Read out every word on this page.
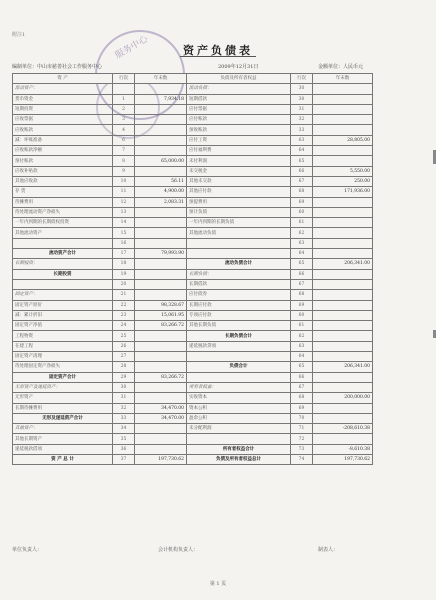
附注1	服务中心	资产负债表
编制单位：中山市慈善社会工作服务中心	2009年12月31日	金额单位：人民币元
资 产	行次	年末数	负债及所有者权益	行次	年末数
流动资产：			流动负债：	30	
货币资金	1	7,934.18	短期借款	30	
短期投资	2		应付票据	31	
应收票据	3		应付账款	32	
应收账款	4		预收账款	33	
减：坏账准备	6		应付工资	63	28,805.00
应收账款净额	7		应付福利费	64	
预付账款	8	65,000.00	未付利润	65	
应收补贴款	9		未交税金	66	5,550.00
其他应收款	10	56.11	其他未交款	67	250.00
存 货	11	4,900.00	其他应付款	68	171,936.00
待摊费用	12	2,083.31	预提费用	69	
待处理流动资产净损失	13		预计负债	60	
一年内到期的长期债权投资	14		一年内到期的长期负债	61	
其他流动资产	15		其他流动负债	62	
	16			63	
流动资产合计	17	79,993.90		64	
长期投资：	18		流动负债合计	65	206,341.00
长期投资	19		长期负债：	66	
	20		长期借款	67	
固定资产：	21		应付债券	68	
固定资产原价	22	98,328.67	长期应付款	69	
减：累计折旧	23	15,061.95	专项应付款	60	
固定资产净值	24	83,266.72	其他长期负债	61	
工程物资	25		长期负债合计	62	
在建工程	26		递延税款贷项	63	
固定资产清理	27			64	
待处理固定资产净损失	28		负债合计	65	206,341.00
固定资产合计	29	83,266.72		66	
无形资产及递延资产：	30		所有者权益：	67	
无形资产	31		实收资本	68	200,000.00
长期待摊费用	32	34,470.00	资本公积	69	
无形及递延资产合计	33	34,470.00	盈余公积	70	
其他资产：	34		未分配利润	71	-208,610.38
其他长期资产	35			72	
递延税款借项	36		所有者权益合计	73	-8,610.38
资 产 总 计	37	197,730.62	负债及所有者权益总计	74	197,730.62
单位负责人：	会计机构负责人：	制表人：
第 1 页
